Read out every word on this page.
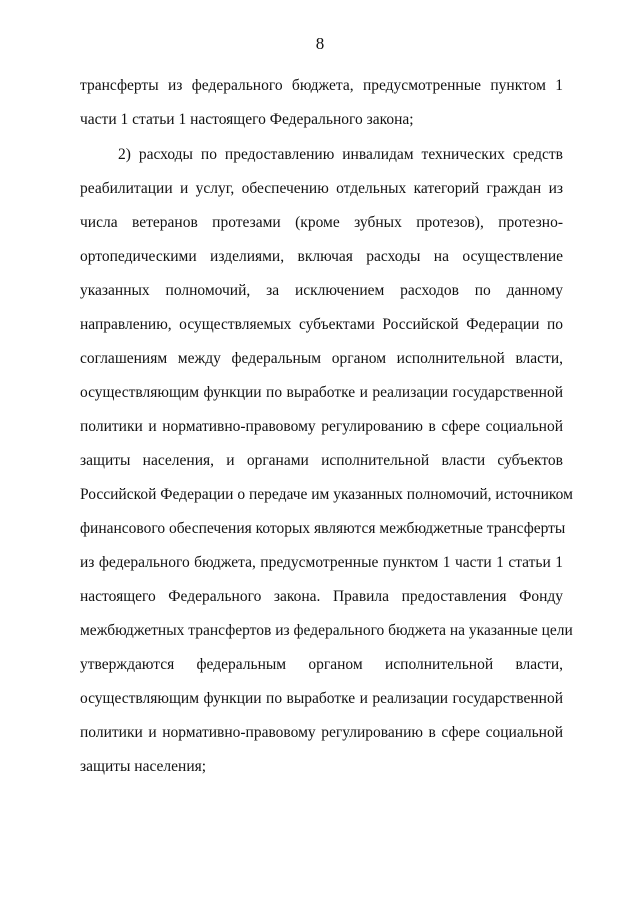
8
трансферты из федерального бюджета, предусмотренные пунктом 1
части 1 статьи 1 настоящего Федерального закона;
2) расходы по предоставлению инвалидам технических средств
реабилитации и услуг, обеспечению отдельных категорий граждан из
числа ветеранов протезами (кроме зубных протезов), протезно-
ортопедическими изделиями, включая расходы на осуществление
указанных полномочий, за исключением расходов по данному
направлению, осуществляемых субъектами Российской Федерации по
соглашениям между федеральным органом исполнительной власти,
осуществляющим функции по выработке и реализации государственной
политики и нормативно-правовому регулированию в сфере социальной
защиты населения, и органами исполнительной власти субъектов
Российской Федерации о передаче им указанных полномочий, источником
финансового обеспечения которых являются межбюджетные трансферты
из федерального бюджета, предусмотренные пунктом 1 части 1 статьи 1
настоящего Федерального закона. Правила предоставления Фонду
межбюджетных трансфертов из федерального бюджета на указанные цели
утверждаются федеральным органом исполнительной власти,
осуществляющим функции по выработке и реализации государственной
политики и нормативно-правовому регулированию в сфере социальной
защиты населения;
